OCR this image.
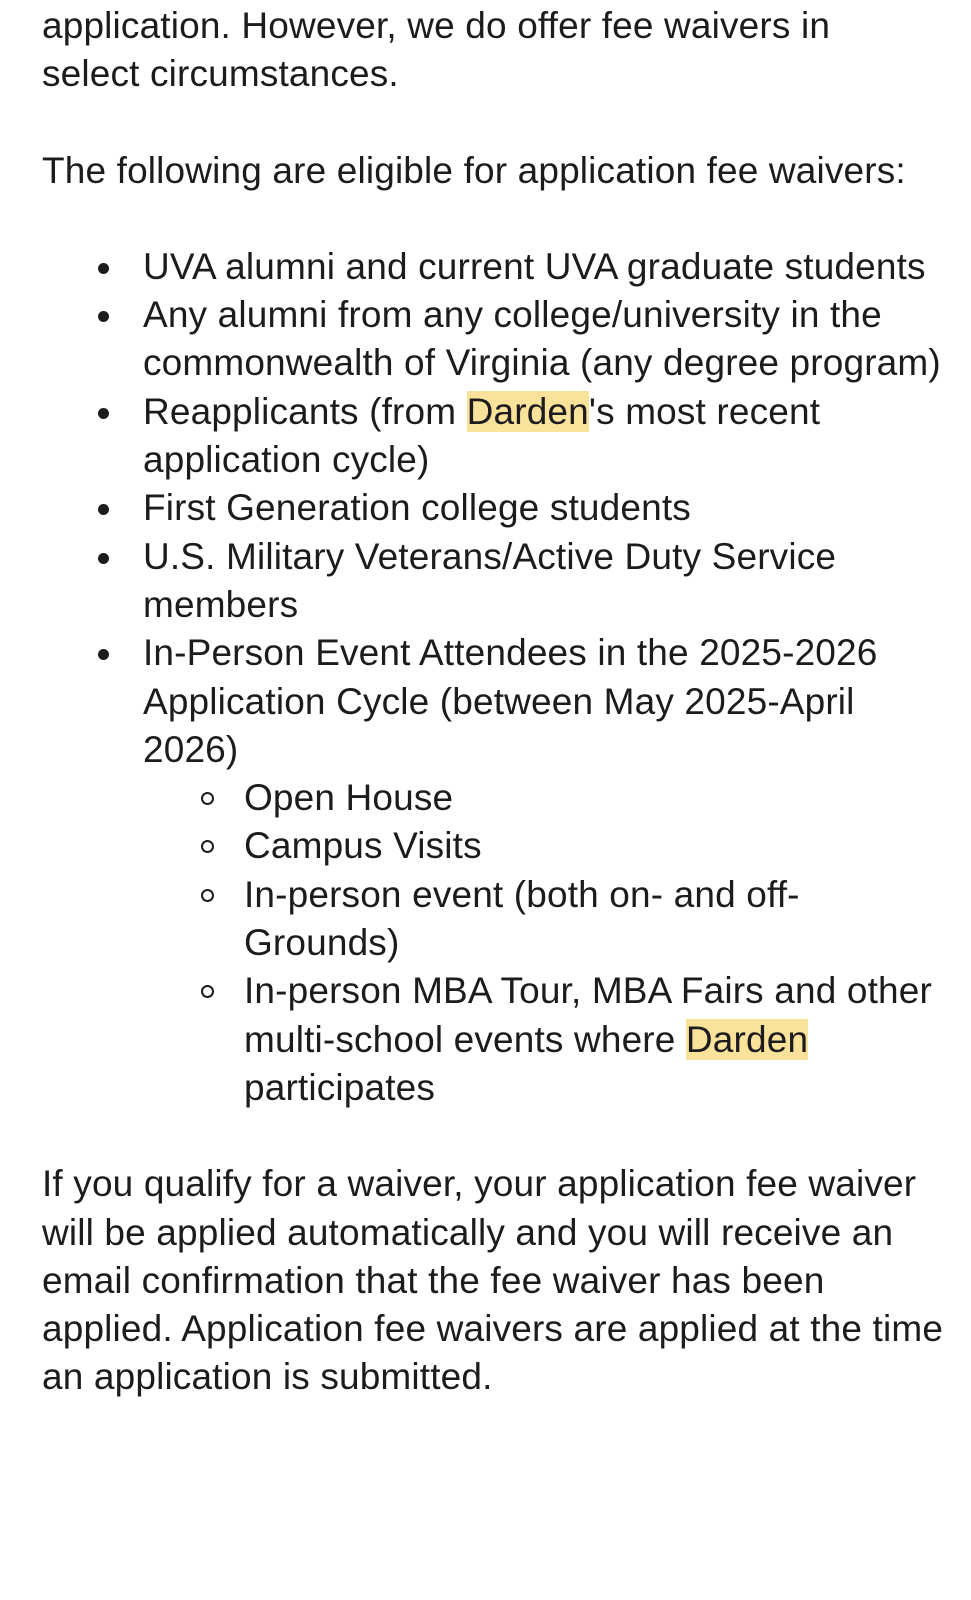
application. However, we do offer fee waivers in
select circumstances.

The following are eligible for application fee waivers:

UVA alumni and current UVA graduate students
Any alumni from any college/university in the commonwealth of Virginia (any degree program)
Reapplicants (from Darden's most recent application cycle)
First Generation college students
U.S. Military Veterans/Active Duty Service members
In-Person Event Attendees in the 2025-2026 Application Cycle (between May 2025-April 2026)
Open House
Campus Visits
In-person event (both on- and off-Grounds)
In-person MBA Tour, MBA Fairs and other multi-school events where Darden participates

If you qualify for a waiver, your application fee waiver will be applied automatically and you will receive an email confirmation that the fee waiver has been applied. Application fee waivers are applied at the time an application is submitted.
